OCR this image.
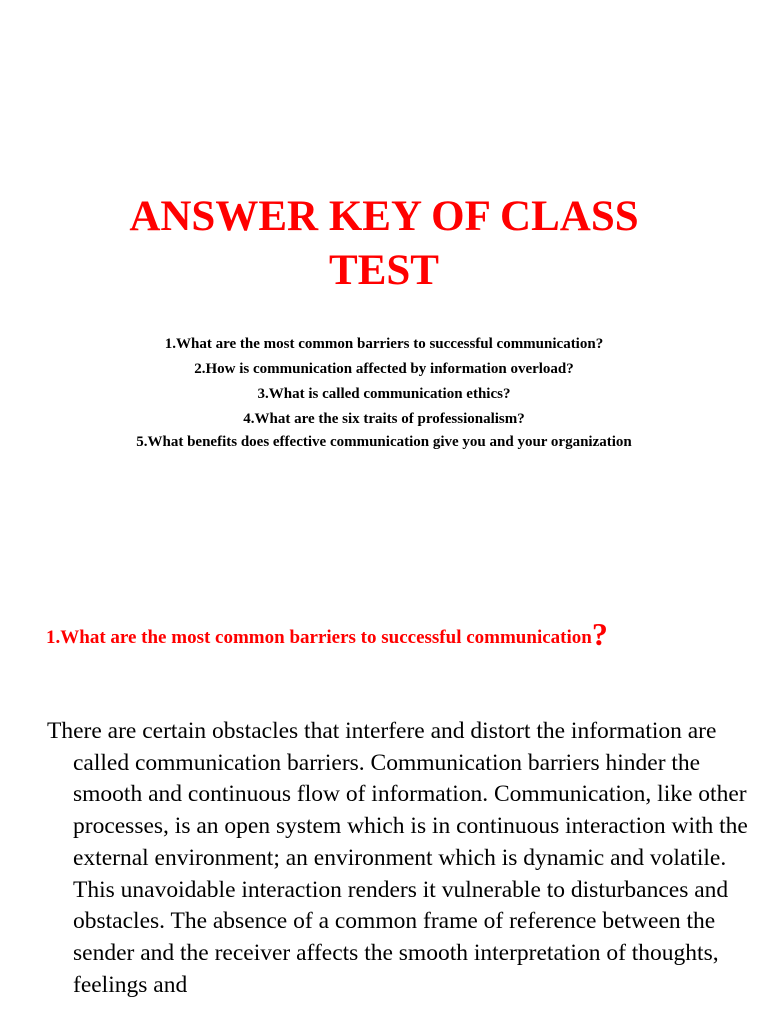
ANSWER KEY OF CLASS
TEST
1.What are the most common barriers to successful communication?
2.How is communication affected by information overload?
3.What is called communication ethics?
4.What are the six traits of professionalism?
5.What benefits does effective communication give you and your organization
1.What are the most common barriers to successful communication?

There are certain obstacles that interfere and distort the information are called communication barriers. Communication barriers hinder the smooth and continuous flow of information. Communication, like other processes, is an open system which is in continuous interaction with the external environment; an environment which is dynamic and volatile. This unavoidable interaction renders it vulnerable to disturbances and obstacles. The absence of a common frame of reference between the sender and the receiver affects the smooth interpretation of thoughts, feelings and
